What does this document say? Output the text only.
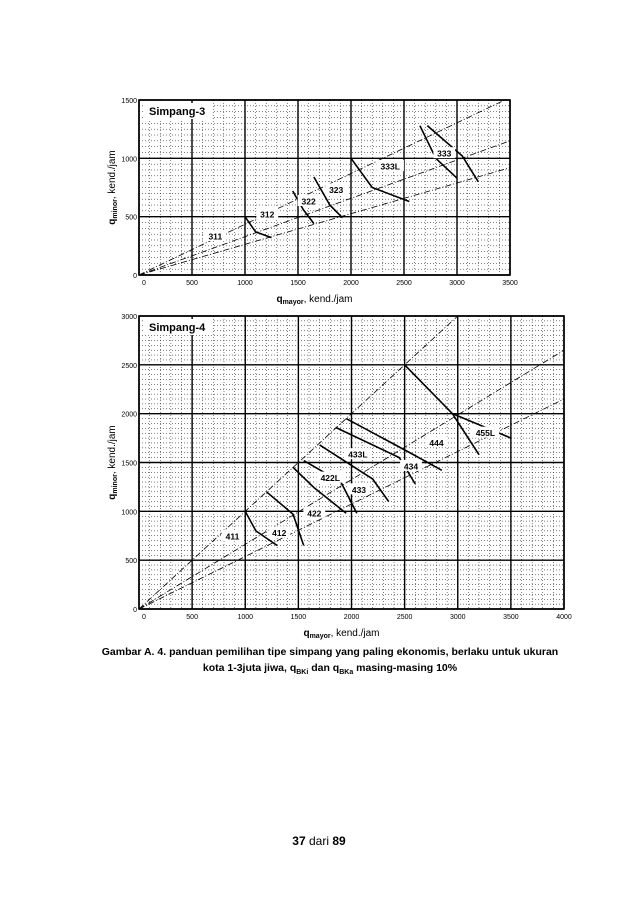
0	500	1000	1500	2000	2500	3000	3500
0
500
1000
1500
311
312
322
323
333L
333
Simpang-3
$q_{mayor}$, kend./jam
$q_{minor}$, kend./jam
0	500	1000	1500	2000	2500	3000	3500	4000
0
500
1000
1500
2000
2500
3000
411	412
422
422L
433
433L
434
444
455L
Simpang-4
$q_{mayor}$, kend./jam
$q_{minor}$, kend./jam
Gambar A. 4. panduan pemilihan tipe simpang yang paling ekonomis, berlaku untuk ukuran
kota 1-3juta jiwa, $q_{BKi}$ dan $q_{BKa}$ masing-masing 10%
37 dari 89
